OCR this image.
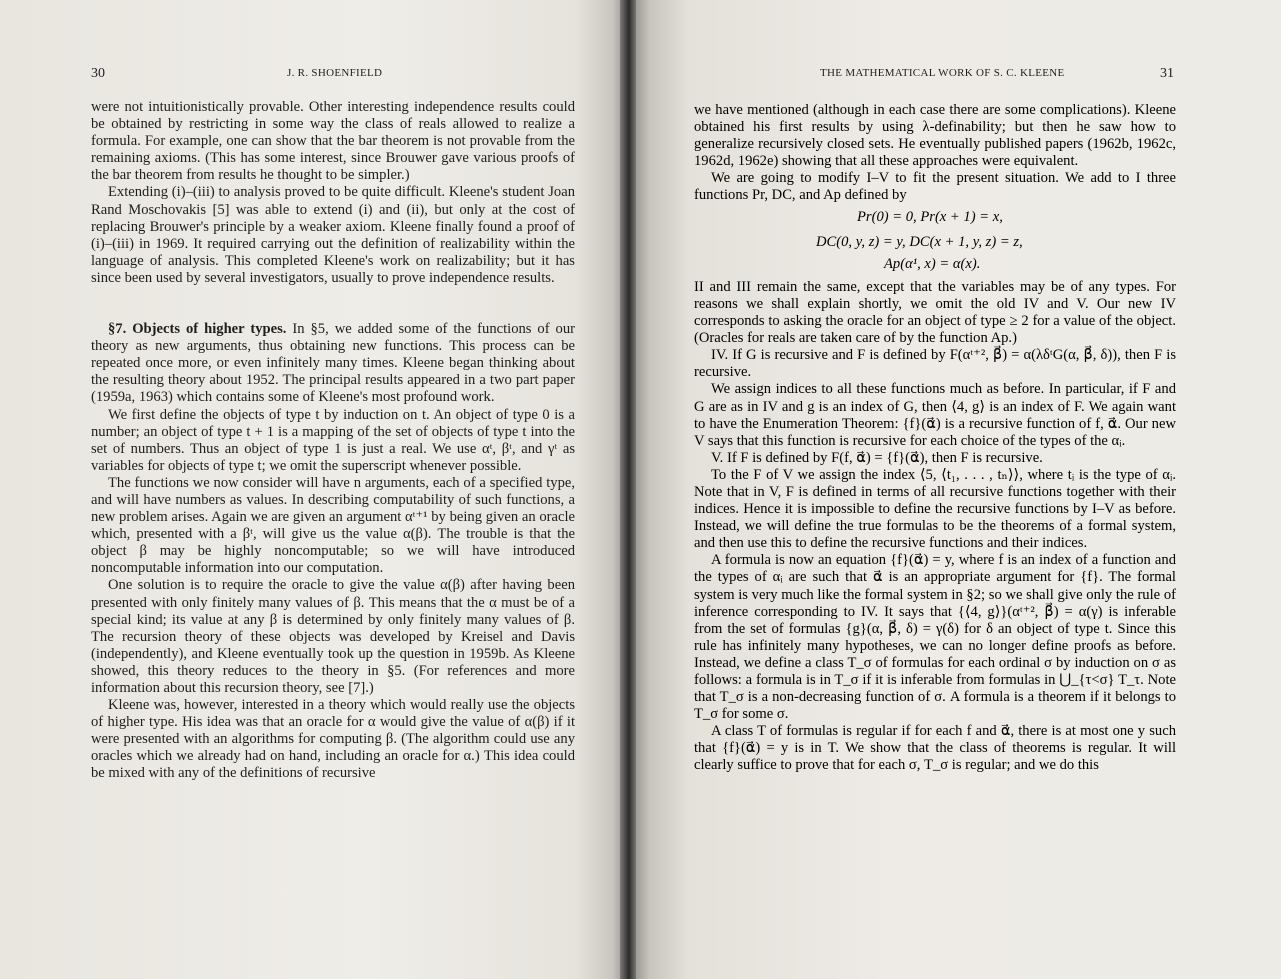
30	J. R. SHOENFIELD

were not intuitionistically provable. Other interesting independence results could be obtained by restricting in some way the class of reals allowed to realize a formula. For example, one can show that the bar theorem is not provable from the remaining axioms. (This has some interest, since Brouwer gave various proofs of the bar theorem from results he thought to be simpler.)

Extending (i)–(iii) to analysis proved to be quite difficult. Kleene's student Joan Rand Moschovakis [5] was able to extend (i) and (ii), but only at the cost of replacing Brouwer's principle by a weaker axiom. Kleene finally found a proof of (i)–(iii) in 1969. It required carrying out the definition of realizability within the language of analysis. This completed Kleene's work on realizability; but it has since been used by several investigators, usually to prove independence results.

§7. Objects of higher types. In §5, we added some of the functions of our theory as new arguments, thus obtaining new functions. This process can be repeated once more, or even infinitely many times. Kleene began thinking about the resulting theory about 1952. The principal results appeared in a two part paper (1959a, 1963) which contains some of Kleene's most profound work.

We first define the objects of type t by induction on t. An object of type 0 is a number; an object of type t + 1 is a mapping of the set of objects of type t into the set of numbers. Thus an object of type 1 is just a real. We use αᵗ, βᵗ, and γᵗ as variables for objects of type t; we omit the superscript whenever possible.

The functions we now consider will have n arguments, each of a specified type, and will have numbers as values. In describing computability of such functions, a new problem arises. Again we are given an argument αᵗ⁺¹ by being given an oracle which, presented with a βᵗ, will give us the value α(β). The trouble is that the object β may be highly noncomputable; so we will have introduced noncomputable information into our computation.

One solution is to require the oracle to give the value α(β) after having been presented with only finitely many values of β. This means that the α must be of a special kind; its value at any β is determined by only finitely many values of β. The recursion theory of these objects was developed by Kreisel and Davis (independently), and Kleene eventually took up the question in 1959b. As Kleene showed, this theory reduces to the theory in §5. (For references and more information about this recursion theory, see [7].)

Kleene was, however, interested in a theory which would really use the objects of higher type. His idea was that an oracle for α would give the value of α(β) if it were presented with an algorithms for computing β. (The algorithm could use any oracles which we already had on hand, including an oracle for α.) This idea could be mixed with any of the definitions of recursive

THE MATHEMATICAL WORK OF S. C. KLEENE	31

we have mentioned (although in each case there are some complications). Kleene obtained his first results by using λ-definability; but then he saw how to generalize recursively closed sets. He eventually published papers (1962b, 1962c, 1962d, 1962e) showing that all these approaches were equivalent.

We are going to modify I–V to fit the present situation. We add to I three functions Pr, DC, and Ap defined by

Pr(0) = 0, Pr(x + 1) = x,

DC(0, y, z) = y, DC(x + 1, y, z) = z,

Ap(α¹, x) = α(x).

II and III remain the same, except that the variables may be of any types. For reasons we shall explain shortly, we omit the old IV and V. Our new IV corresponds to asking the oracle for an object of type ≥ 2 for a value of the object. (Oracles for reals are taken care of by the function Ap.)

IV. If G is recursive and F is defined by F(αᵗ⁺², β⃗) = α(λδᵗG(α, β⃗, δ)), then F is recursive.

We assign indices to all these functions much as before. In particular, if F and G are as in IV and g is an index of G, then ⟨4, g⟩ is an index of F. We again want to have the Enumeration Theorem: {f}(α⃗) is a recursive function of f, α⃗. Our new V says that this function is recursive for each choice of the types of the αᵢ.

V. If F is defined by F(f, α⃗) = {f}(α⃗), then F is recursive.

To the F of V we assign the index ⟨5, ⟨t₁, . . . , tₙ⟩⟩, where tᵢ is the type of αᵢ. Note that in V, F is defined in terms of all recursive functions together with their indices. Hence it is impossible to define the recursive functions by I–V as before. Instead, we will define the true formulas to be the theorems of a formal system, and then use this to define the recursive functions and their indices.

A formula is now an equation {f}(α⃗) = y, where f is an index of a function and the types of αᵢ are such that α⃗ is an appropriate argument for {f}. The formal system is very much like the formal system in §2; so we shall give only the rule of inference corresponding to IV. It says that {⟨4, g⟩}(αᵗ⁺², β⃗) = α(γ) is inferable from the set of formulas {g}(α, β⃗, δ) = γ(δ) for δ an object of type t. Since this rule has infinitely many hypotheses, we can no longer define proofs as before. Instead, we define a class T_σ of formulas for each ordinal σ by induction on σ as follows: a formula is in T_σ if it is inferable from formulas in ⋃_{τ<σ} T_τ. Note that T_σ is a non-decreasing function of σ. A formula is a theorem if it belongs to T_σ for some σ.

A class T of formulas is regular if for each f and α⃗, there is at most one y such that {f}(α⃗) = y is in T. We show that the class of theorems is regular. It will clearly suffice to prove that for each σ, T_σ is regular; and we do this
